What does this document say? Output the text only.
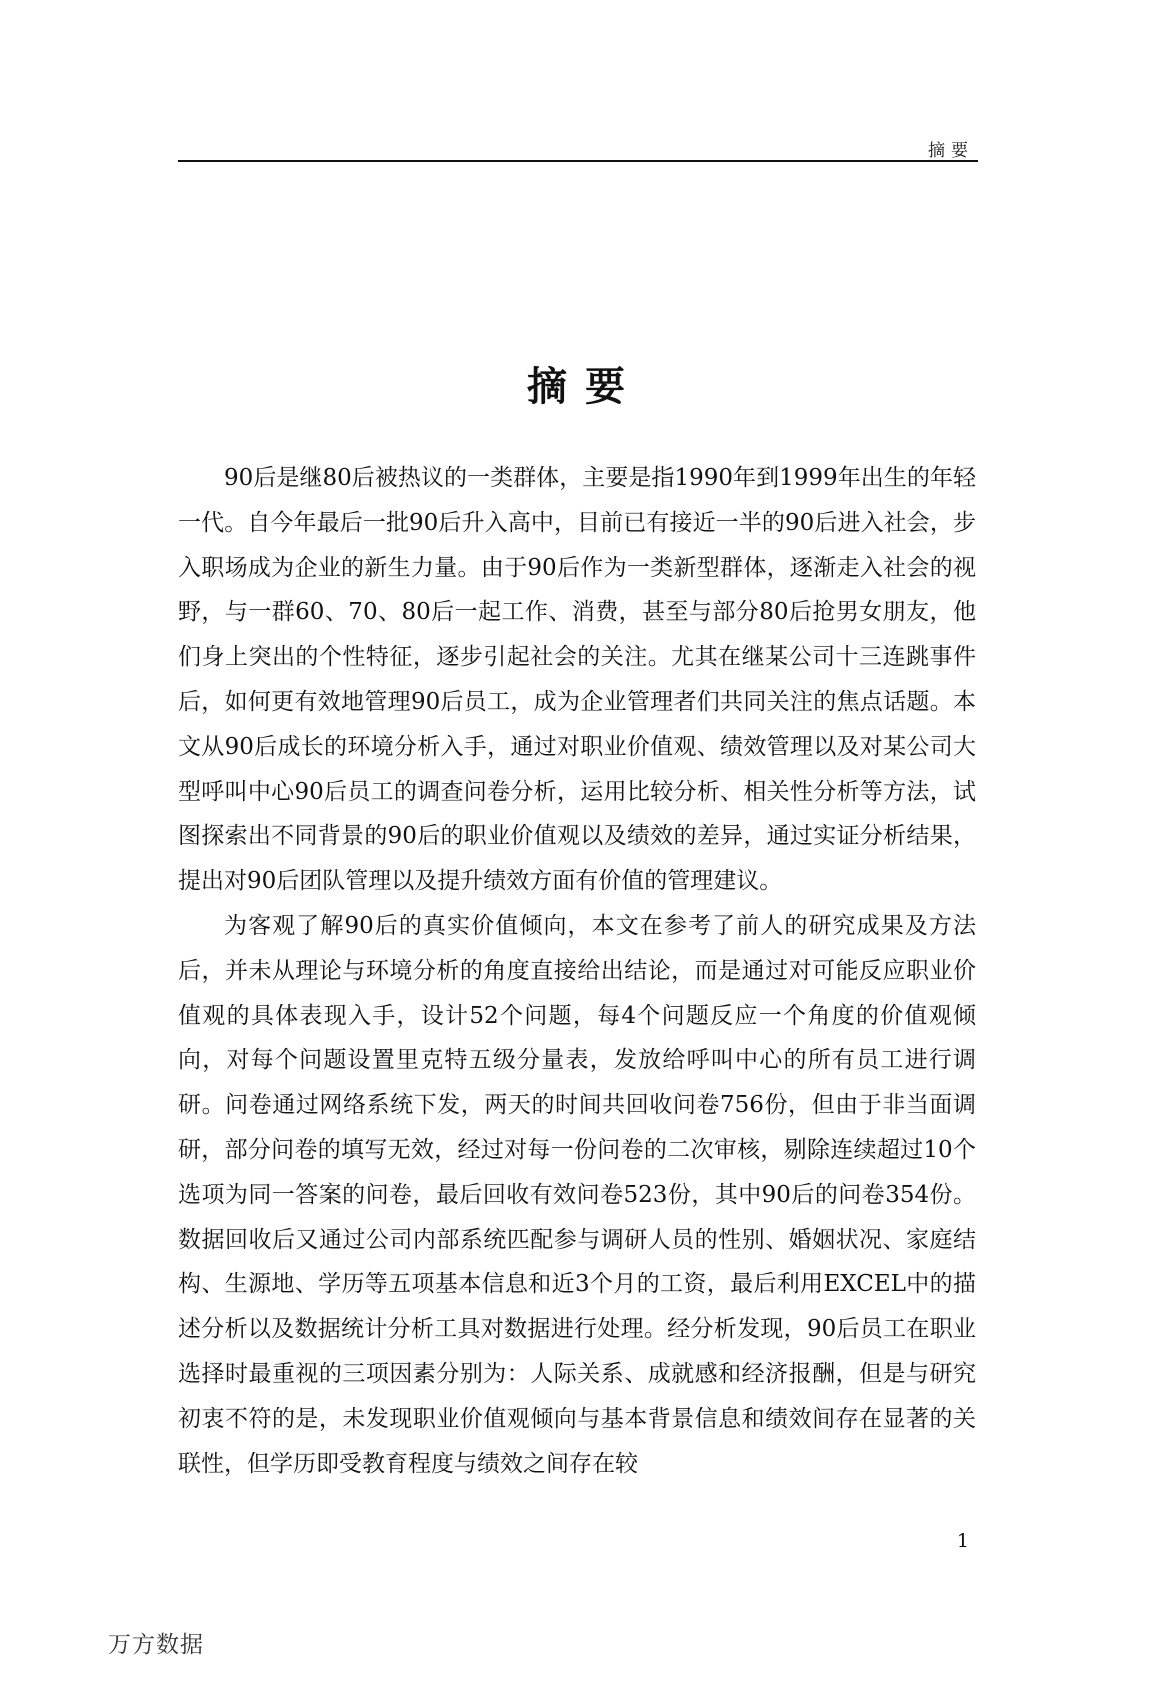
摘要
摘要

90后是继80后被热议的一类群体，主要是指1990年到1999年出生的年轻一代。自今年最后一批90后升入高中，目前已有接近一半的90后进入社会，步入职场成为企业的新生力量。由于90后作为一类新型群体，逐渐走入社会的视野，与一群60、70、80后一起工作、消费，甚至与部分80后抢男女朋友，他们身上突出的个性特征，逐步引起社会的关注。尤其在继某公司十三连跳事件后，如何更有效地管理90后员工，成为企业管理者们共同关注的焦点话题。本文从90后成长的环境分析入手，通过对职业价值观、绩效管理以及对某公司大型呼叫中心90后员工的调查问卷分析，运用比较分析、相关性分析等方法，试图探索出不同背景的90后的职业价值观以及绩效的差异，通过实证分析结果，提出对90后团队管理以及提升绩效方面有价值的管理建议。

为客观了解90后的真实价值倾向，本文在参考了前人的研究成果及方法后，并未从理论与环境分析的角度直接给出结论，而是通过对可能反应职业价值观的具体表现入手，设计52个问题，每4个问题反应一个角度的价值观倾向，对每个问题设置里克特五级分量表，发放给呼叫中心的所有员工进行调研。问卷通过网络系统下发，两天的时间共回收问卷756份，但由于非当面调研，部分问卷的填写无效，经过对每一份问卷的二次审核，剔除连续超过10个选项为同一答案的问卷，最后回收有效问卷523份，其中90后的问卷354份。数据回收后又通过公司内部系统匹配参与调研人员的性别、婚姻状况、家庭结构、生源地、学历等五项基本信息和近3个月的工资，最后利用EXCEL中的描述分析以及数据统计分析工具对数据进行处理。经分析发现，90后员工在职业选择时最重视的三项因素分别为：人际关系、成就感和经济报酬，但是与研究初衷不符的是，未发现职业价值观倾向与基本背景信息和绩效间存在显著的关联性，但学历即受教育程度与绩效之间存在较

1
万方数据
